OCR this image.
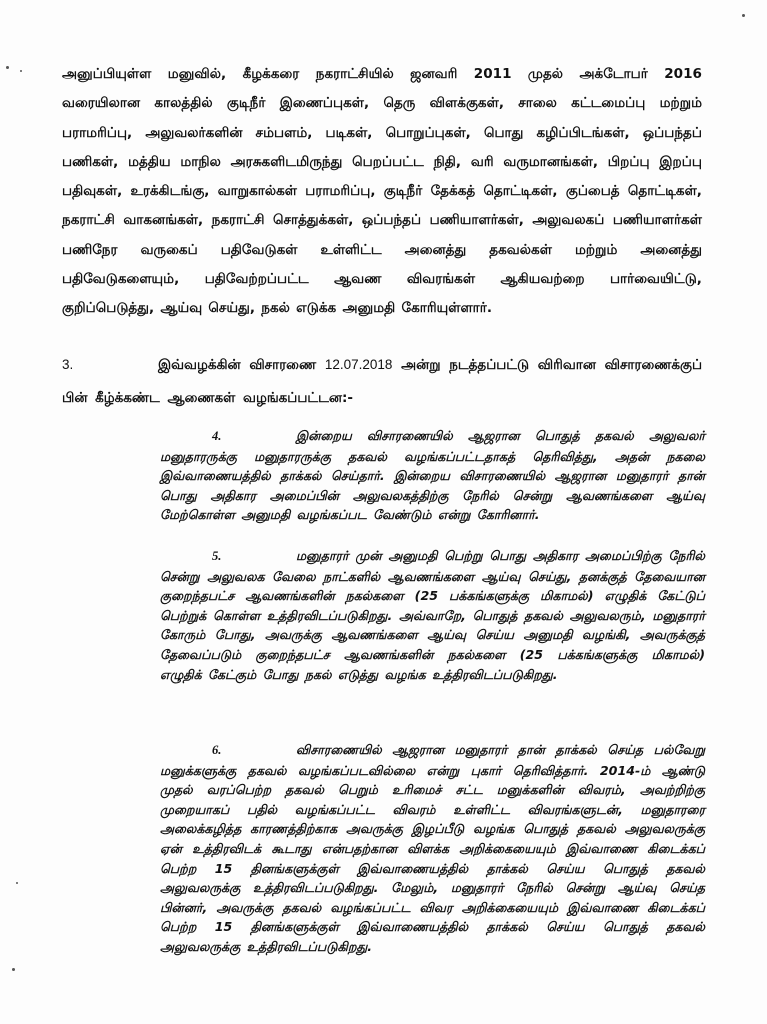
அனுப்பியுள்ள மனுவில், கீழக்கரை நகராட்சியில் ஜனவரி 2011 முதல் அக்டோபர் 2016 வரையிலான காலத்தில் குடிநீர் இணைப்புகள், தெரு விளக்குகள், சாலை கட்டமைப்பு மற்றும் பராமரிப்பு, அலுவலர்களின் சம்பளம், படிகள், பொறுப்புகள், பொது கழிப்பிடங்கள், ஒப்பந்தப் பணிகள், மத்திய மாநில அரசுகளிடமிருந்து பெறப்பட்ட நிதி, வரி வருமானங்கள், பிறப்பு இறப்பு பதிவுகள், உரக்கிடங்கு, வாறுகால்கள் பராமரிப்பு, குடிநீர் தேக்கத் தொட்டிகள், குப்பைத் தொட்டிகள், நகராட்சி வாகனங்கள், நகராட்சி சொத்துக்கள், ஒப்பந்தப் பணியாளர்கள், அலுவலகப் பணியாளர்கள் பணிநேர வருகைப் பதிவேடுகள் உள்ளிட்ட அனைத்து தகவல்கள் மற்றும் அனைத்து பதிவேடுகளையும், பதிவேற்றப்பட்ட ஆவண விவரங்கள் ஆகியவற்றை பார்வையிட்டு, குறிப்பெடுத்து, ஆய்வு செய்து, நகல் எடுக்க அனுமதி கோரியுள்ளார்.

3.	இவ்வழக்கின் விசாரணை 12.07.2018 அன்று நடத்தப்பட்டு விரிவான விசாரணைக்குப் பின் கீழ்க்கண்ட ஆணைகள் வழங்கப்பட்டன:-

4.	இன்றைய விசாரணையில் ஆஜரான பொதுத் தகவல் அலுவலர் மனுதாரருக்கு மனுதாரருக்கு தகவல் வழங்கப்பட்டதாகத் தெரிவித்து, அதன் நகலை இவ்வாணையத்தில் தாக்கல் செய்தார். இன்றைய விசாரணையில் ஆஜரான மனுதாரர் தான் பொது அதிகார அமைப்பின் அலுவலகத்திற்கு நேரில் சென்று ஆவணங்களை ஆய்வு மேற்கொள்ள அனுமதி வழங்கப்பட வேண்டும் என்று கோரினார்.

5.	மனுதாரர் முன் அனுமதி பெற்று பொது அதிகார அமைப்பிற்கு நேரில் சென்று அலுவலக வேலை நாட்களில் ஆவணங்களை ஆய்வு செய்து, தனக்குத் தேவையான குறைந்தபட்ச ஆவணங்களின் நகல்களை (25 பக்கங்களுக்கு மிகாமல்) எழுதிக் கேட்டுப் பெற்றுக் கொள்ள உத்திரவிடப்படுகிறது. அவ்வாறே, பொதுத் தகவல் அலுவலரும், மனுதாரர் கோரும் போது, அவருக்கு ஆவணங்களை ஆய்வு செய்ய அனுமதி வழங்கி, அவருக்குத் தேவைப்படும் குறைந்தபட்ச ஆவணங்களின் நகல்களை (25 பக்கங்களுக்கு மிகாமல்) எழுதிக் கேட்கும் போது நகல் எடுத்து வழங்க உத்திரவிடப்படுகிறது.

6.	விசாரணையில் ஆஜரான மனுதாரர் தான் தாக்கல் செய்த பல்வேறு மனுக்களுக்கு தகவல் வழங்கப்படவில்லை என்று புகார் தெரிவித்தார். 2014-ம் ஆண்டு முதல் வரப்பெற்ற தகவல் பெறும் உரிமைச் சட்ட மனுக்களின் விவரம், அவற்றிற்கு முறையாகப் பதில் வழங்கப்பட்ட விவரம் உள்ளிட்ட விவரங்களுடன், மனுதாரரை அலைக்கழித்த காரணத்திற்காக அவருக்கு இழப்பீடு வழங்க பொதுத் தகவல் அலுவலருக்கு ஏன் உத்திரவிடக் கூடாது என்பதற்கான விளக்க அறிக்கையையும் இவ்வாணை கிடைக்கப் பெற்ற 15 தினங்களுக்குள் இவ்வாணையத்தில் தாக்கல் செய்ய பொதுத் தகவல் அலுவலருக்கு உத்திரவிடப்படுகிறது. மேலும், மனுதாரர் நேரில் சென்று ஆய்வு செய்த பின்னர், அவருக்கு தகவல் வழங்கப்பட்ட விவர அறிக்கையையும் இவ்வாணை கிடைக்கப் பெற்ற 15 தினங்களுக்குள் இவ்வாணையத்தில் தாக்கல் செய்ய பொதுத் தகவல் அலுவலருக்கு உத்திரவிடப்படுகிறது.
